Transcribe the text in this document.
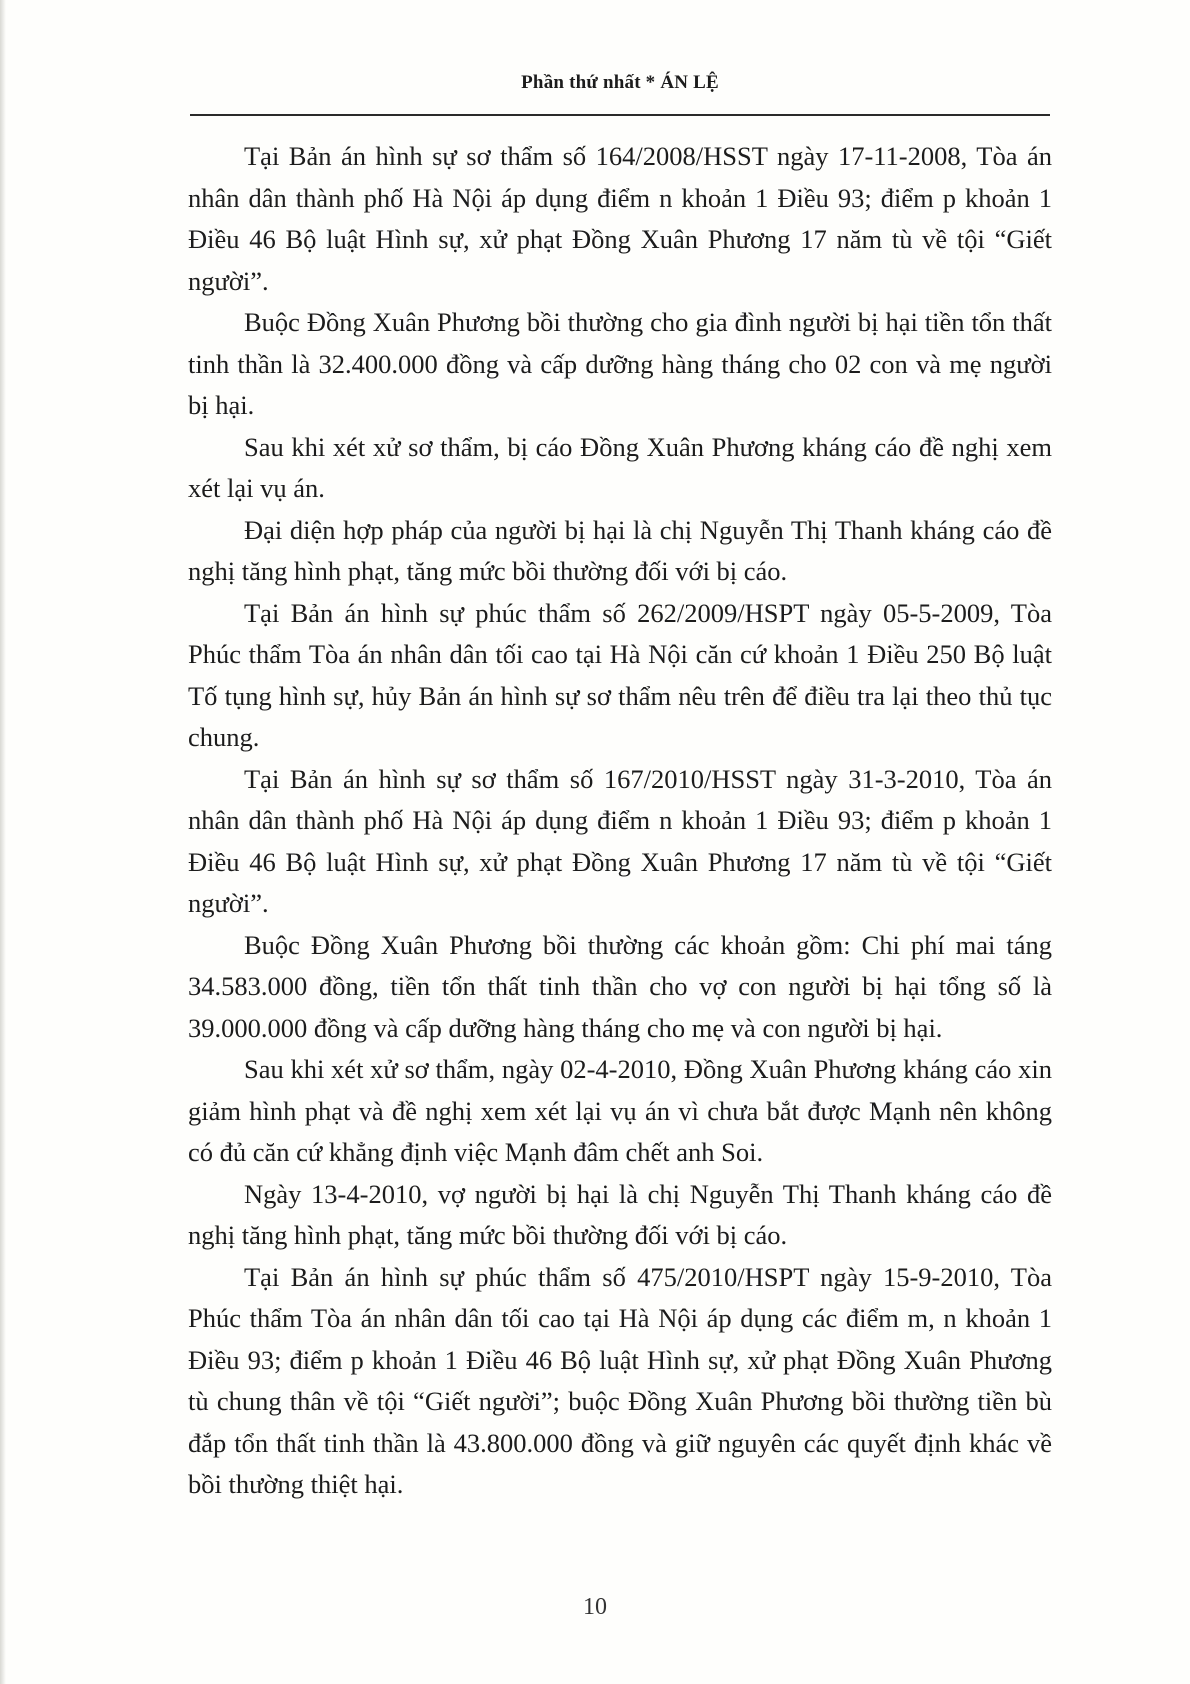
Phần thứ nhất * ÁN LỆ

Tại Bản án hình sự sơ thẩm số 164/2008/HSST ngày 17-11-2008, Tòa án nhân dân thành phố Hà Nội áp dụng điểm n khoản 1 Điều 93; điểm p khoản 1 Điều 46 Bộ luật Hình sự, xử phạt Đồng Xuân Phương 17 năm tù về tội “Giết người”.

Buộc Đồng Xuân Phương bồi thường cho gia đình người bị hại tiền tổn thất tinh thần là 32.400.000 đồng và cấp dưỡng hàng tháng cho 02 con và mẹ người bị hại.

Sau khi xét xử sơ thẩm, bị cáo Đồng Xuân Phương kháng cáo đề nghị xem xét lại vụ án.

Đại diện hợp pháp của người bị hại là chị Nguyễn Thị Thanh kháng cáo đề nghị tăng hình phạt, tăng mức bồi thường đối với bị cáo.

Tại Bản án hình sự phúc thẩm số 262/2009/HSPT ngày 05-5-2009, Tòa Phúc thẩm Tòa án nhân dân tối cao tại Hà Nội căn cứ khoản 1 Điều 250 Bộ luật Tố tụng hình sự, hủy Bản án hình sự sơ thẩm nêu trên để điều tra lại theo thủ tục chung.

Tại Bản án hình sự sơ thẩm số 167/2010/HSST ngày 31-3-2010, Tòa án nhân dân thành phố Hà Nội áp dụng điểm n khoản 1 Điều 93; điểm p khoản 1 Điều 46 Bộ luật Hình sự, xử phạt Đồng Xuân Phương 17 năm tù về tội “Giết người”.

Buộc Đồng Xuân Phương bồi thường các khoản gồm: Chi phí mai táng 34.583.000 đồng, tiền tổn thất tinh thần cho vợ con người bị hại tổng số là 39.000.000 đồng và cấp dưỡng hàng tháng cho mẹ và con người bị hại.

Sau khi xét xử sơ thẩm, ngày 02-4-2010, Đồng Xuân Phương kháng cáo xin giảm hình phạt và đề nghị xem xét lại vụ án vì chưa bắt được Mạnh nên không có đủ căn cứ khẳng định việc Mạnh đâm chết anh Soi.

Ngày 13-4-2010, vợ người bị hại là chị Nguyễn Thị Thanh kháng cáo đề nghị tăng hình phạt, tăng mức bồi thường đối với bị cáo.

Tại Bản án hình sự phúc thẩm số 475/2010/HSPT ngày 15-9-2010, Tòa Phúc thẩm Tòa án nhân dân tối cao tại Hà Nội áp dụng các điểm m, n khoản 1 Điều 93; điểm p khoản 1 Điều 46 Bộ luật Hình sự, xử phạt Đồng Xuân Phương tù chung thân về tội “Giết người”; buộc Đồng Xuân Phương bồi thường tiền bù đắp tổn thất tinh thần là 43.800.000 đồng và giữ nguyên các quyết định khác về bồi thường thiệt hại.

10
